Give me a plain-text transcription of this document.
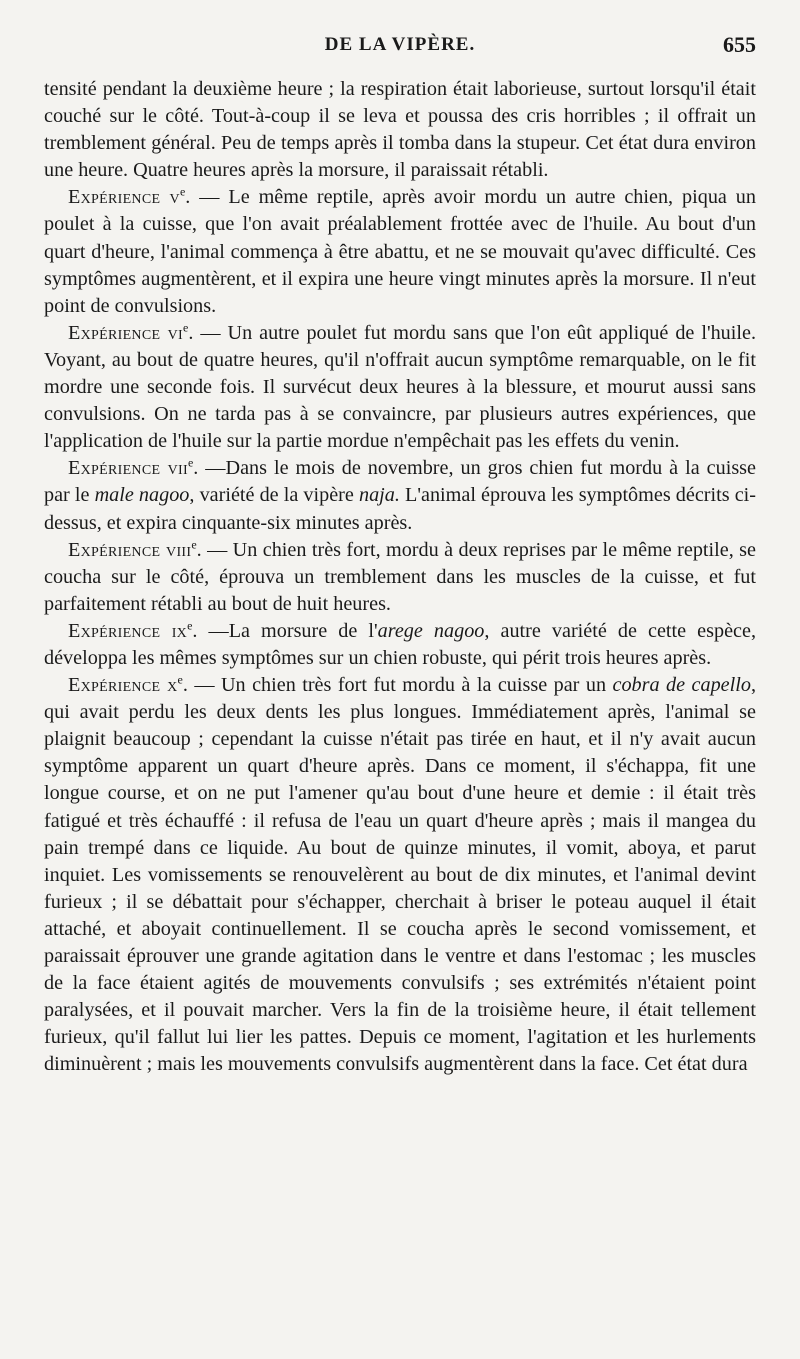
DE LA VIPÈRE.	655

tensité pendant la deuxième heure ; la respiration était laborieuse, surtout lorsqu'il était couché sur le côté. Tout-à-coup il se leva et poussa des cris horribles ; il offrait un tremblement général. Peu de temps après il tomba dans la stupeur. Cet état dura environ une heure. Quatre heures après la morsure, il paraissait rétabli.

Expérience $v^e$. — Le même reptile, après avoir mordu un autre chien, piqua un poulet à la cuisse, que l'on avait préalablement frottée avec de l'huile. Au bout d'un quart d'heure, l'animal commença à être abattu, et ne se mouvait qu'avec difficulté. Ces symptômes augmentèrent, et il expira une heure vingt minutes après la morsure. Il n'eut point de convulsions.

Expérience $vi^e$. — Un autre poulet fut mordu sans que l'on eût appliqué de l'huile. Voyant, au bout de quatre heures, qu'il n'offrait aucun symptôme remarquable, on le fit mordre une seconde fois. Il survécut deux heures à la blessure, et mourut aussi sans convulsions. On ne tarda pas à se convaincre, par plusieurs autres expériences, que l'application de l'huile sur la partie mordue n'empêchait pas les effets du venin.

Expérience vii$^e$. —Dans le mois de novembre, un gros chien fut mordu à la cuisse par le male nagoo, variété de la vipère naja. L'animal éprouva les symptômes décrits ci-dessus, et expira cinquante-six minutes après.

Expérience viii$^e$. — Un chien très fort, mordu à deux reprises par le même reptile, se coucha sur le côté, éprouva un tremblement dans les muscles de la cuisse, et fut parfaitement rétabli au bout de huit heures.

Expérience $ix^e$. —La morsure de l'arege nagoo, autre variété de cette espèce, développa les mêmes symptômes sur un chien robuste, qui périt trois heures après.

Expérience $x^e$. — Un chien très fort fut mordu à la cuisse par un cobra de capello, qui avait perdu les deux dents les plus longues. Immédiatement après, l'animal se plaignit beaucoup ; cependant la cuisse n'était pas tirée en haut, et il n'y avait aucun symptôme apparent un quart d'heure après. Dans ce moment, il s'échappa, fit une longue course, et on ne put l'amener qu'au bout d'une heure et demie : il était très fatigué et très échauffé : il refusa de l'eau un quart d'heure après ; mais il mangea du pain trempé dans ce liquide. Au bout de quinze minutes, il vomit, aboya, et parut inquiet. Les vomissements se renouvelèrent au bout de dix minutes, et l'animal devint furieux ; il se débattait pour s'échapper, cherchait à briser le poteau auquel il était attaché, et aboyait continuellement. Il se coucha après le second vomissement, et paraissait éprouver une grande agitation dans le ventre et dans l'estomac ; les muscles de la face étaient agités de mouvements convulsifs ; ses extrémités n'étaient point paralysées, et il pouvait marcher. Vers la fin de la troisième heure, il était tellement furieux, qu'il fallut lui lier les pattes. Depuis ce moment, l'agitation et les hurlements diminuèrent ; mais les mouvements convulsifs augmentèrent dans la face. Cet état dura
